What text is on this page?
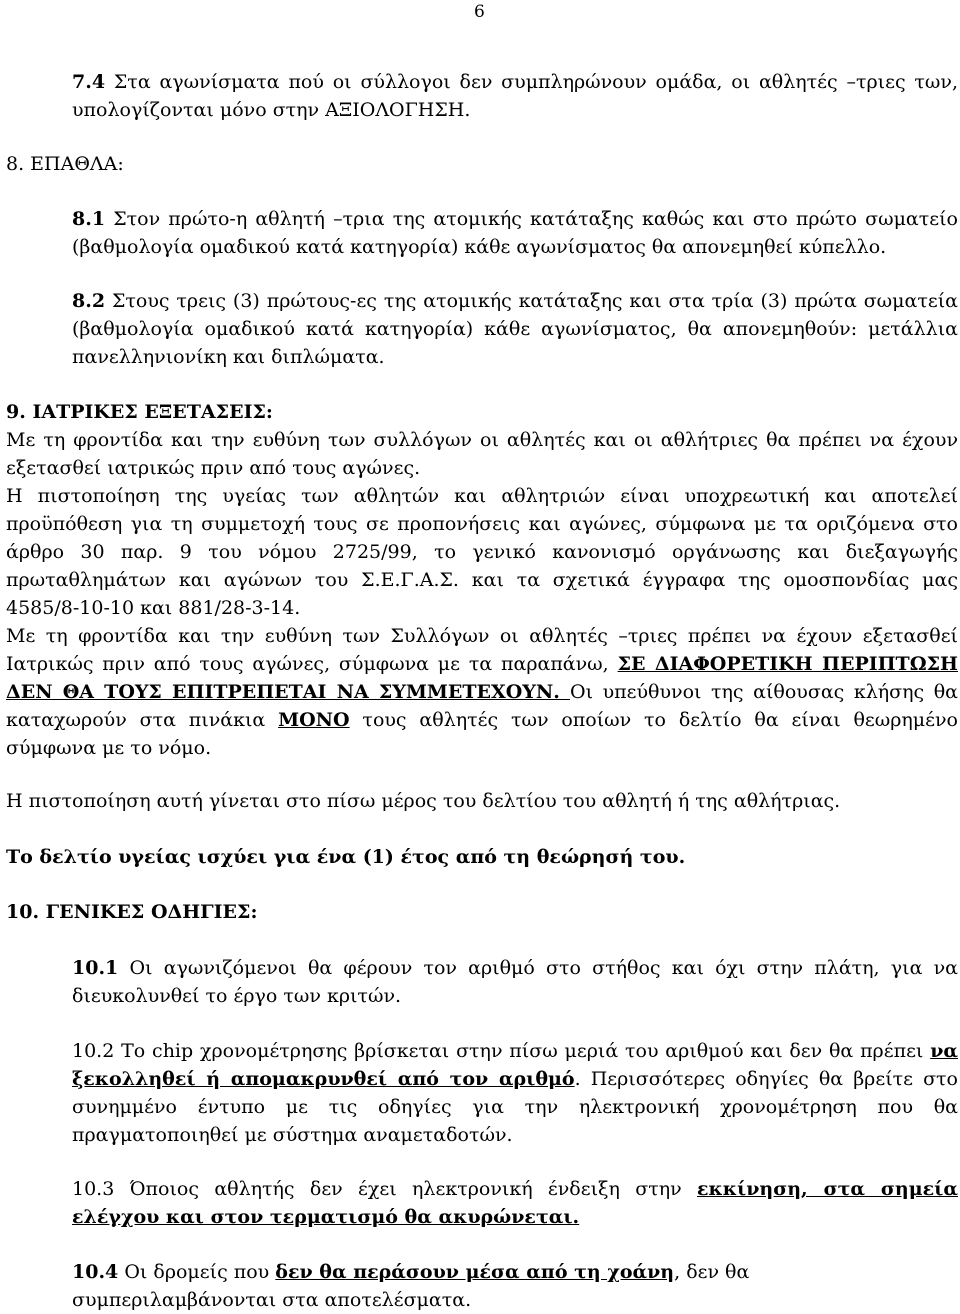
6
7.4 Στα αγωνίσματα πού οι σύλλογοι δεν συμπληρώνουν ομάδα, οι αθλητές –τριες των, υπολογίζονται μόνο στην ΑΞΙΟΛΟΓΗΣΗ.
8. ΕΠΑΘΛΑ:
8.1 Στον πρώτο-η αθλητή –τρια της ατομικής κατάταξης καθώς και στο πρώτο σωματείο (βαθμολογία ομαδικού κατά κατηγορία) κάθε αγωνίσματος θα απονεμηθεί κύπελλο.
8.2 Στους τρεις (3) πρώτους-ες της ατομικής κατάταξης και στα τρία (3) πρώτα σωματεία (βαθμολογία ομαδικού κατά κατηγορία) κάθε αγωνίσματος, θα απονεμηθούν: μετάλλια πανελληνιονίκη και διπλώματα.

9. ΙΑΤΡΙΚΕΣ ΕΞΕΤΑΣΕΙΣ:

Με τη φροντίδα και την ευθύνη των συλλόγων οι αθλητές και οι αθλήτριες θα πρέπει να έχουν εξετασθεί ιατρικώς πριν από τους αγώνες.

Η πιστοποίηση της υγείας των αθλητών και αθλητριών είναι υποχρεωτική και αποτελεί προϋπόθεση για τη συμμετοχή τους σε προπονήσεις και αγώνες, σύμφωνα με τα οριζόμενα στο άρθρο 30 παρ. 9 του νόμου 2725/99, το γενικό κανονισμό οργάνωσης και διεξαγωγής πρωταθλημάτων και αγώνων του Σ.Ε.Γ.Α.Σ. και τα σχετικά έγγραφα της ομοσπονδίας μας 4585/8-10-10 και 881/28-3-14.

Με τη φροντίδα και την ευθύνη των Συλλόγων οι αθλητές –τριες πρέπει να έχουν εξετασθεί Ιατρικώς πριν από τους αγώνες, σύμφωνα με τα παραπάνω, ΣΕ ΔΙΑΦΟΡΕΤΙΚΗ ΠΕΡΙΠΤΩΣΗ ΔΕΝ ΘΑ ΤΟΥΣ ΕΠΙΤΡΕΠΕΤΑΙ ΝΑ ΣΥΜΜΕΤΕΧΟΥΝ. Οι υπεύθυνοι της αίθουσας κλήσης θα καταχωρούν στα πινάκια ΜΟΝΟ τους αθλητές των οποίων το δελτίο θα είναι θεωρημένο σύμφωνα με το νόμο.

Η πιστοποίηση αυτή γίνεται στο πίσω μέρος του δελτίου του αθλητή ή της αθλήτριας.
Το δελτίο υγείας ισχύει για ένα (1) έτος από τη θεώρησή του.
10. ΓΕΝΙΚΕΣ ΟΔΗΓΙΕΣ:
10.1 Οι αγωνιζόμενοι θα φέρουν τον αριθμό στο στήθος και όχι στην πλάτη, για να διευκολυνθεί το έργο των κριτών.
10.2 Το chip χρονομέτρησης βρίσκεται στην πίσω μεριά του αριθμού και δεν θα πρέπει να ξεκολληθεί ή απομακρυνθεί από τον αριθμό. Περισσότερες οδηγίες θα βρείτε στο συνημμένο έντυπο με τις οδηγίες για την ηλεκτρονική χρονομέτρηση που θα πραγματοποιηθεί με σύστημα αναμεταδοτών.
10.3 Όποιος αθλητής δεν έχει ηλεκτρονική ένδειξη στην εκκίνηση, στα σημεία ελέγχου και στον τερματισμό θα ακυρώνεται.
10.4 Οι δρομείς που δεν θα περάσουν μέσα από τη χοάνη, δεν θα συμπεριλαμβάνονται στα αποτελέσματα.
